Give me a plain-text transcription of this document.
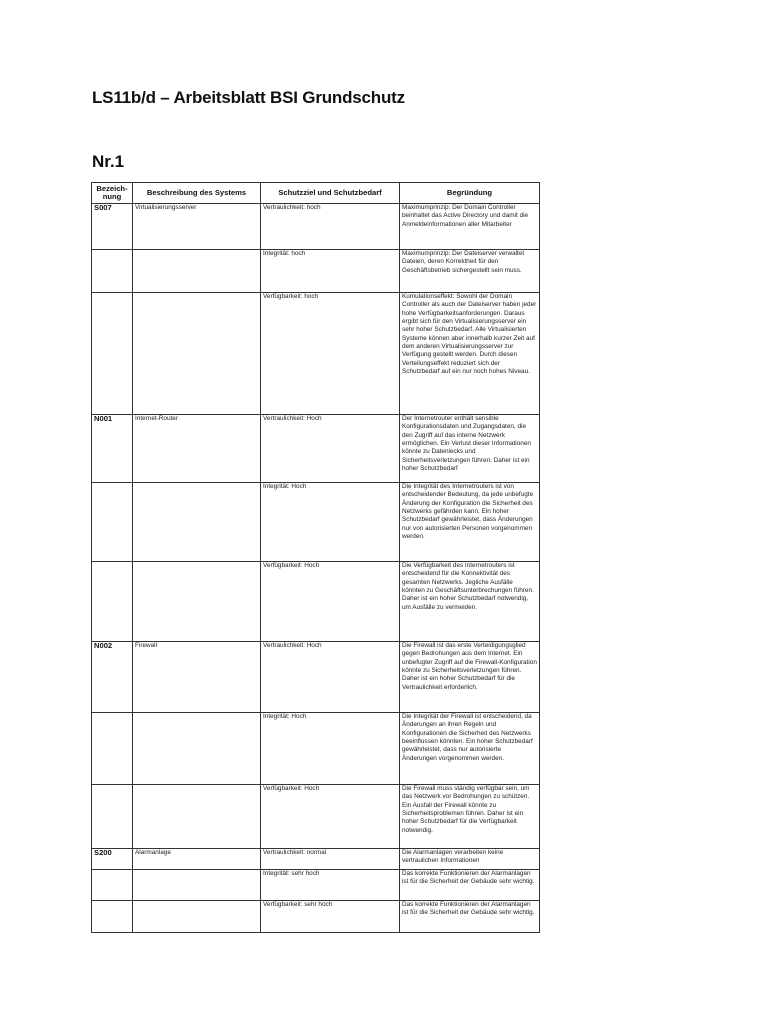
LS11b/d – Arbeitsblatt BSI Grundschutz
Nr.1
Bezeich-
nung	Beschreibung des Systems	Schutzziel und Schutzbedarf	Begründung
S007	Virtualisierungsserver	Vertraulichkeit: hoch	Maximumprinzip: Der Domain Controller beinhaltet das Active Directory und damit die Anmeldeinformationen aller Mitarbeiter
		Integrität: hoch	Maximumprinzip: Der Dateiserver verwaltet Dateien, deren Korrektheit für den Geschäftsbetrieb sichergestellt sein muss.
		Verfügbarkeit: hoch	Kumulationseffekt: Sowohl der Domain Controller als auch der Dateiserver haben jeder hohe Verfügbarkeitsanforderungen. Daraus ergibt sich für den Virtualisierungsserver ein sehr hoher Schutzbedarf. Alle Virtualisierten Systeme können aber innerhalb kurzer Zeit auf dem anderen Virtualisierungsserver zur Verfügung gestellt werden. Durch diesen Verteilungseffekt reduziert sich der Schutzbedarf auf ein nur noch hohes Niveau.
N001	Internet-Router	Vertraulichkeit: Hoch	Der Internetrouter enthält sensible Konfigurationsdaten und Zugangsdaten, die den Zugriff auf das interne Netzwerk ermöglichen. Ein Verlust dieser Informationen könnte zu Datenlecks und Sicherheitsverletzungen führen. Daher ist ein hoher Schutzbedarf
		Integrität: Hoch	Die Integrität des Internetrouters ist von entscheidender Bedeutung, da jede unbefugte Änderung der Konfiguration die Sicherheit des Netzwerks gefährden kann. Ein hoher Schutzbedarf gewährleistet, dass Änderungen nur von autorisierten Personen vorgenommen werden.
		Verfügbarkeit: Hoch	Die Verfügbarkeit des Internetrouters ist entscheidend für die Konnektivität des gesamten Netzwerks. Jegliche Ausfälle könnten zu Geschäftsunterbrechungen führen. Daher ist ein hoher Schutzbedarf notwendig, um Ausfälle zu vermeiden.
N002	Firewall	Vertraulichkeit: Hoch	Die Firewall ist das erste Verteidigungsglied gegen Bedrohungen aus dem Internet. Ein unbefugter Zugriff auf die Firewall-Konfiguration könnte zu Sicherheitsverletzungen führen. Daher ist ein hoher Schutzbedarf für die Vertraulichkeit erforderlich.
		Integrität: Hoch	Die Integrität der Firewall ist entscheidend, da Änderungen an ihren Regeln und Konfigurationen die Sicherheit des Netzwerks beeinflussen könnten. Ein hoher Schutzbedarf gewährleistet, dass nur autorisierte Änderungen vorgenommen werden.
		Verfügbarkeit: Hoch	Die Firewall muss ständig verfügbar sein, um das Netzwerk vor Bedrohungen zu schützen. Ein Ausfall der Firewall könnte zu Sicherheitsproblemen führen. Daher ist ein hoher Schutzbedarf für die Verfügbarkeit notwendig.
S200	Alarmanlage	Vertraulichkeit: normal	Die Alarmanlagen verarbeiten keine vertraulichen Informationen
		Integrität: sehr hoch	Das korrekte Funktionieren der Alarmanlagen ist für die Sicherheit der Gebäude sehr wichtig.
		Verfügbarkeit: sehr hoch	Das korrekte Funktionieren der Alarmanlagen ist für die Sicherheit der Gebäude sehr wichtig.
